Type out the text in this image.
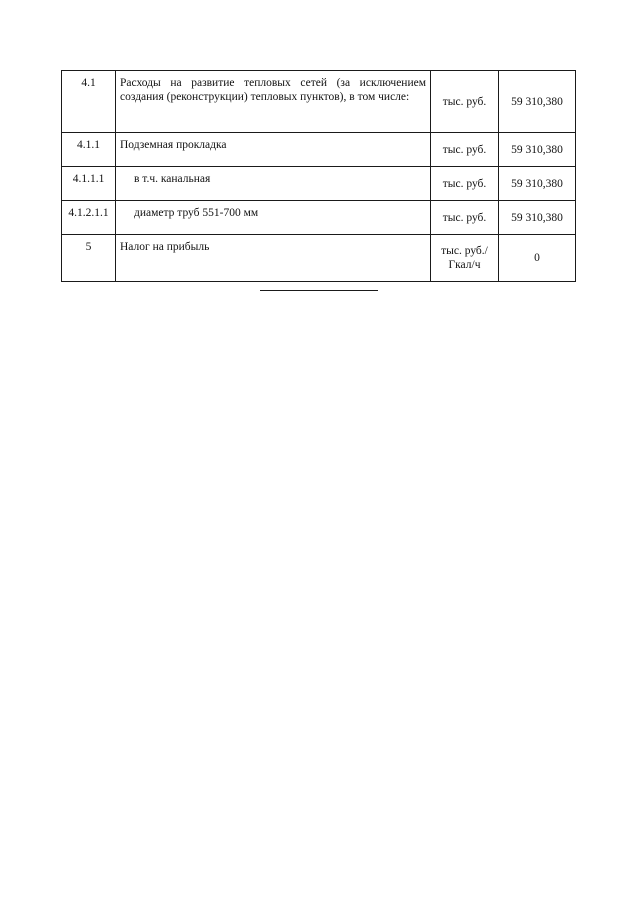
4.1	Расходы на развитие тепловых сетей (за исключением создания (реконструкции) тепловых пунктов), в том числе:	тыс. руб.	59 310,380
4.1.1	Подземная прокладка	тыс. руб.	59 310,380
4.1.1.1	в т.ч. канальная	тыс. руб.	59 310,380
4.1.2.1.1	диаметр труб 551-700 мм	тыс. руб.	59 310,380
5	Налог на прибыль	тыс. руб./ Гкал/ч	0
